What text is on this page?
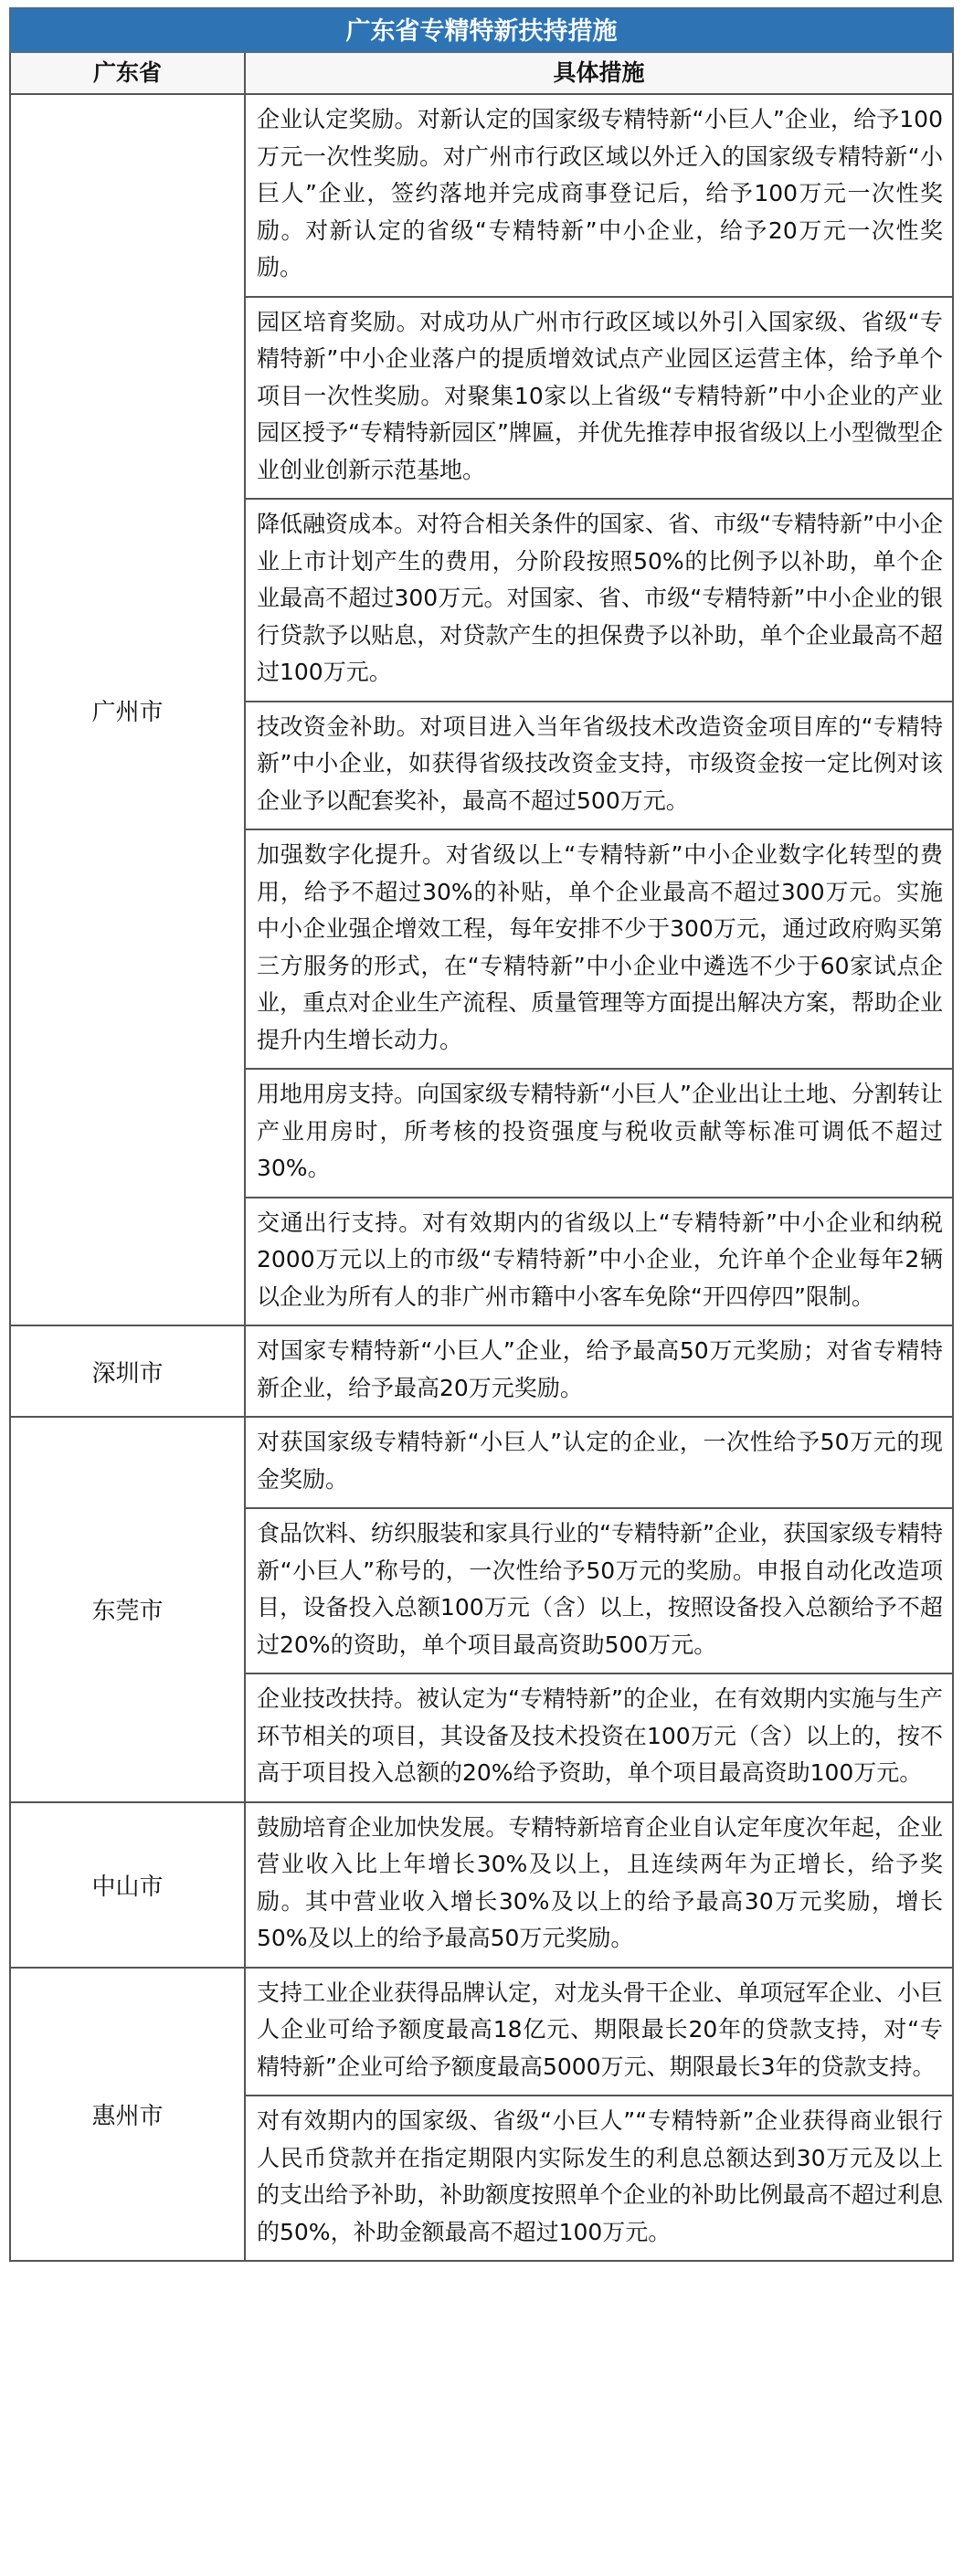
广东省专精特新扶持措施
广东省	具体措施
广州市
企业认定奖励。对新认定的国家级专精特新“小巨人”企业，给予100万元一次性奖励。对广州市行政区域以外迁入的国家级专精特新“小巨人”企业，签约落地并完成商事登记后，给予100万元一次性奖励。对新认定的省级“专精特新”中小企业，给予20万元一次性奖励。
园区培育奖励。对成功从广州市行政区域以外引入国家级、省级“专精特新”中小企业落户的提质增效试点产业园区运营主体，给予单个项目一次性奖励。对聚集10家以上省级“专精特新”中小企业的产业园区授予“专精特新园区”牌匾，并优先推荐申报省级以上小型微型企业创业创新示范基地。
降低融资成本。对符合相关条件的国家、省、市级“专精特新”中小企业上市计划产生的费用，分阶段按照50%的比例予以补助，单个企业最高不超过300万元。对国家、省、市级“专精特新”中小企业的银行贷款予以贴息，对贷款产生的担保费予以补助，单个企业最高不超过100万元。
技改资金补助。对项目进入当年省级技术改造资金项目库的“专精特新”中小企业，如获得省级技改资金支持，市级资金按一定比例对该企业予以配套奖补，最高不超过500万元。
加强数字化提升。对省级以上“专精特新”中小企业数字化转型的费用，给予不超过30%的补贴，单个企业最高不超过300万元。实施中小企业强企增效工程，每年安排不少于300万元，通过政府购买第三方服务的形式，在“专精特新”中小企业中遴选不少于60家试点企业，重点对企业生产流程、质量管理等方面提出解决方案，帮助企业提升内生增长动力。
用地用房支持。向国家级专精特新“小巨人”企业出让土地、分割转让产业用房时，所考核的投资强度与税收贡献等标准可调低不超过30%。
交通出行支持。对有效期内的省级以上“专精特新”中小企业和纳税2000万元以上的市级“专精特新”中小企业，允许单个企业每年2辆以企业为所有人的非广州市籍中小客车免除“开四停四”限制。
深圳市
对国家专精特新“小巨人”企业，给予最高50万元奖励；对省专精特新企业，给予最高20万元奖励。
东莞市
对获国家级专精特新“小巨人”认定的企业，一次性给予50万元的现金奖励。
食品饮料、纺织服装和家具行业的“专精特新”企业，获国家级专精特新“小巨人”称号的，一次性给予50万元的奖励。申报自动化改造项目，设备投入总额100万元（含）以上，按照设备投入总额给予不超过20%的资助，单个项目最高资助500万元。
企业技改扶持。被认定为“专精特新”的企业，在有效期内实施与生产环节相关的项目，其设备及技术投资在100万元（含）以上的，按不高于项目投入总额的20%给予资助，单个项目最高资助100万元。
中山市
鼓励培育企业加快发展。专精特新培育企业自认定年度次年起，企业营业收入比上年增长30%及以上，且连续两年为正增长，给予奖励。其中营业收入增长30%及以上的给予最高30万元奖励，增长50%及以上的给予最高50万元奖励。
惠州市
支持工业企业获得品牌认定，对龙头骨干企业、单项冠军企业、小巨人企业可给予额度最高18亿元、期限最长20年的贷款支持，对“专精特新”企业可给予额度最高5000万元、期限最长3年的贷款支持。
对有效期内的国家级、省级“小巨人”“专精特新”企业获得商业银行人民币贷款并在指定期限内实际发生的利息总额达到30万元及以上的支出给予补助，补助额度按照单个企业的补助比例最高不超过利息的50%，补助金额最高不超过100万元。
